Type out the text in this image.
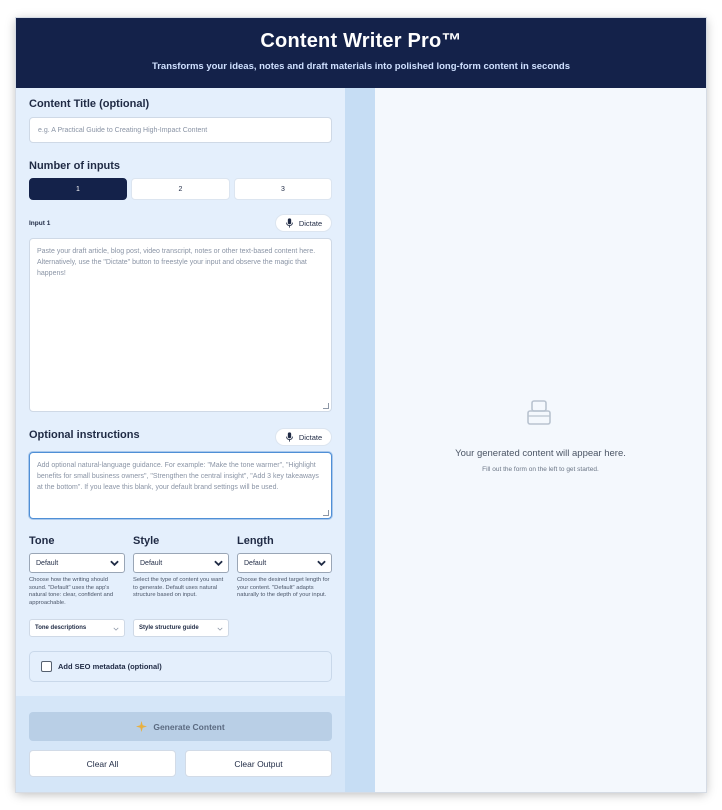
Content Writer Pro™

Transforms your ideas, notes and draft materials into polished long-form content in seconds

Content Title (optional)
e.g. A Practical Guide to Creating High-Impact Content
Number of inputs
1	2	3
Input 1	Dictate
Paste your draft article, blog post, video transcript, notes or other text-based content here. Alternatively, use the "Dictate" button to freestyle your input and observe the magic that happens!
Optional instructions	Dictate
Add optional natural-language guidance. For example: "Make the tone warmer", "Highlight benefits for small business owners", "Strengthen the central insight", "Add 3 key takeaways at the bottom". If you leave this blank, your default brand settings will be used.
Tone
Default
Choose how the writing should sound. "Default" uses the app's natural tone: clear, confident and approachable.
Tone descriptions
Style
Default
Select the type of content you want to generate. Default uses natural structure based on input.
Style structure guide
Length
Default
Choose the desired target length for your content. "Default" adapts naturally to the depth of your input.
Add SEO metadata (optional)
Generate Content
Clear All	Clear Output
Your generated content will appear here.
Fill out the form on the left to get started.
